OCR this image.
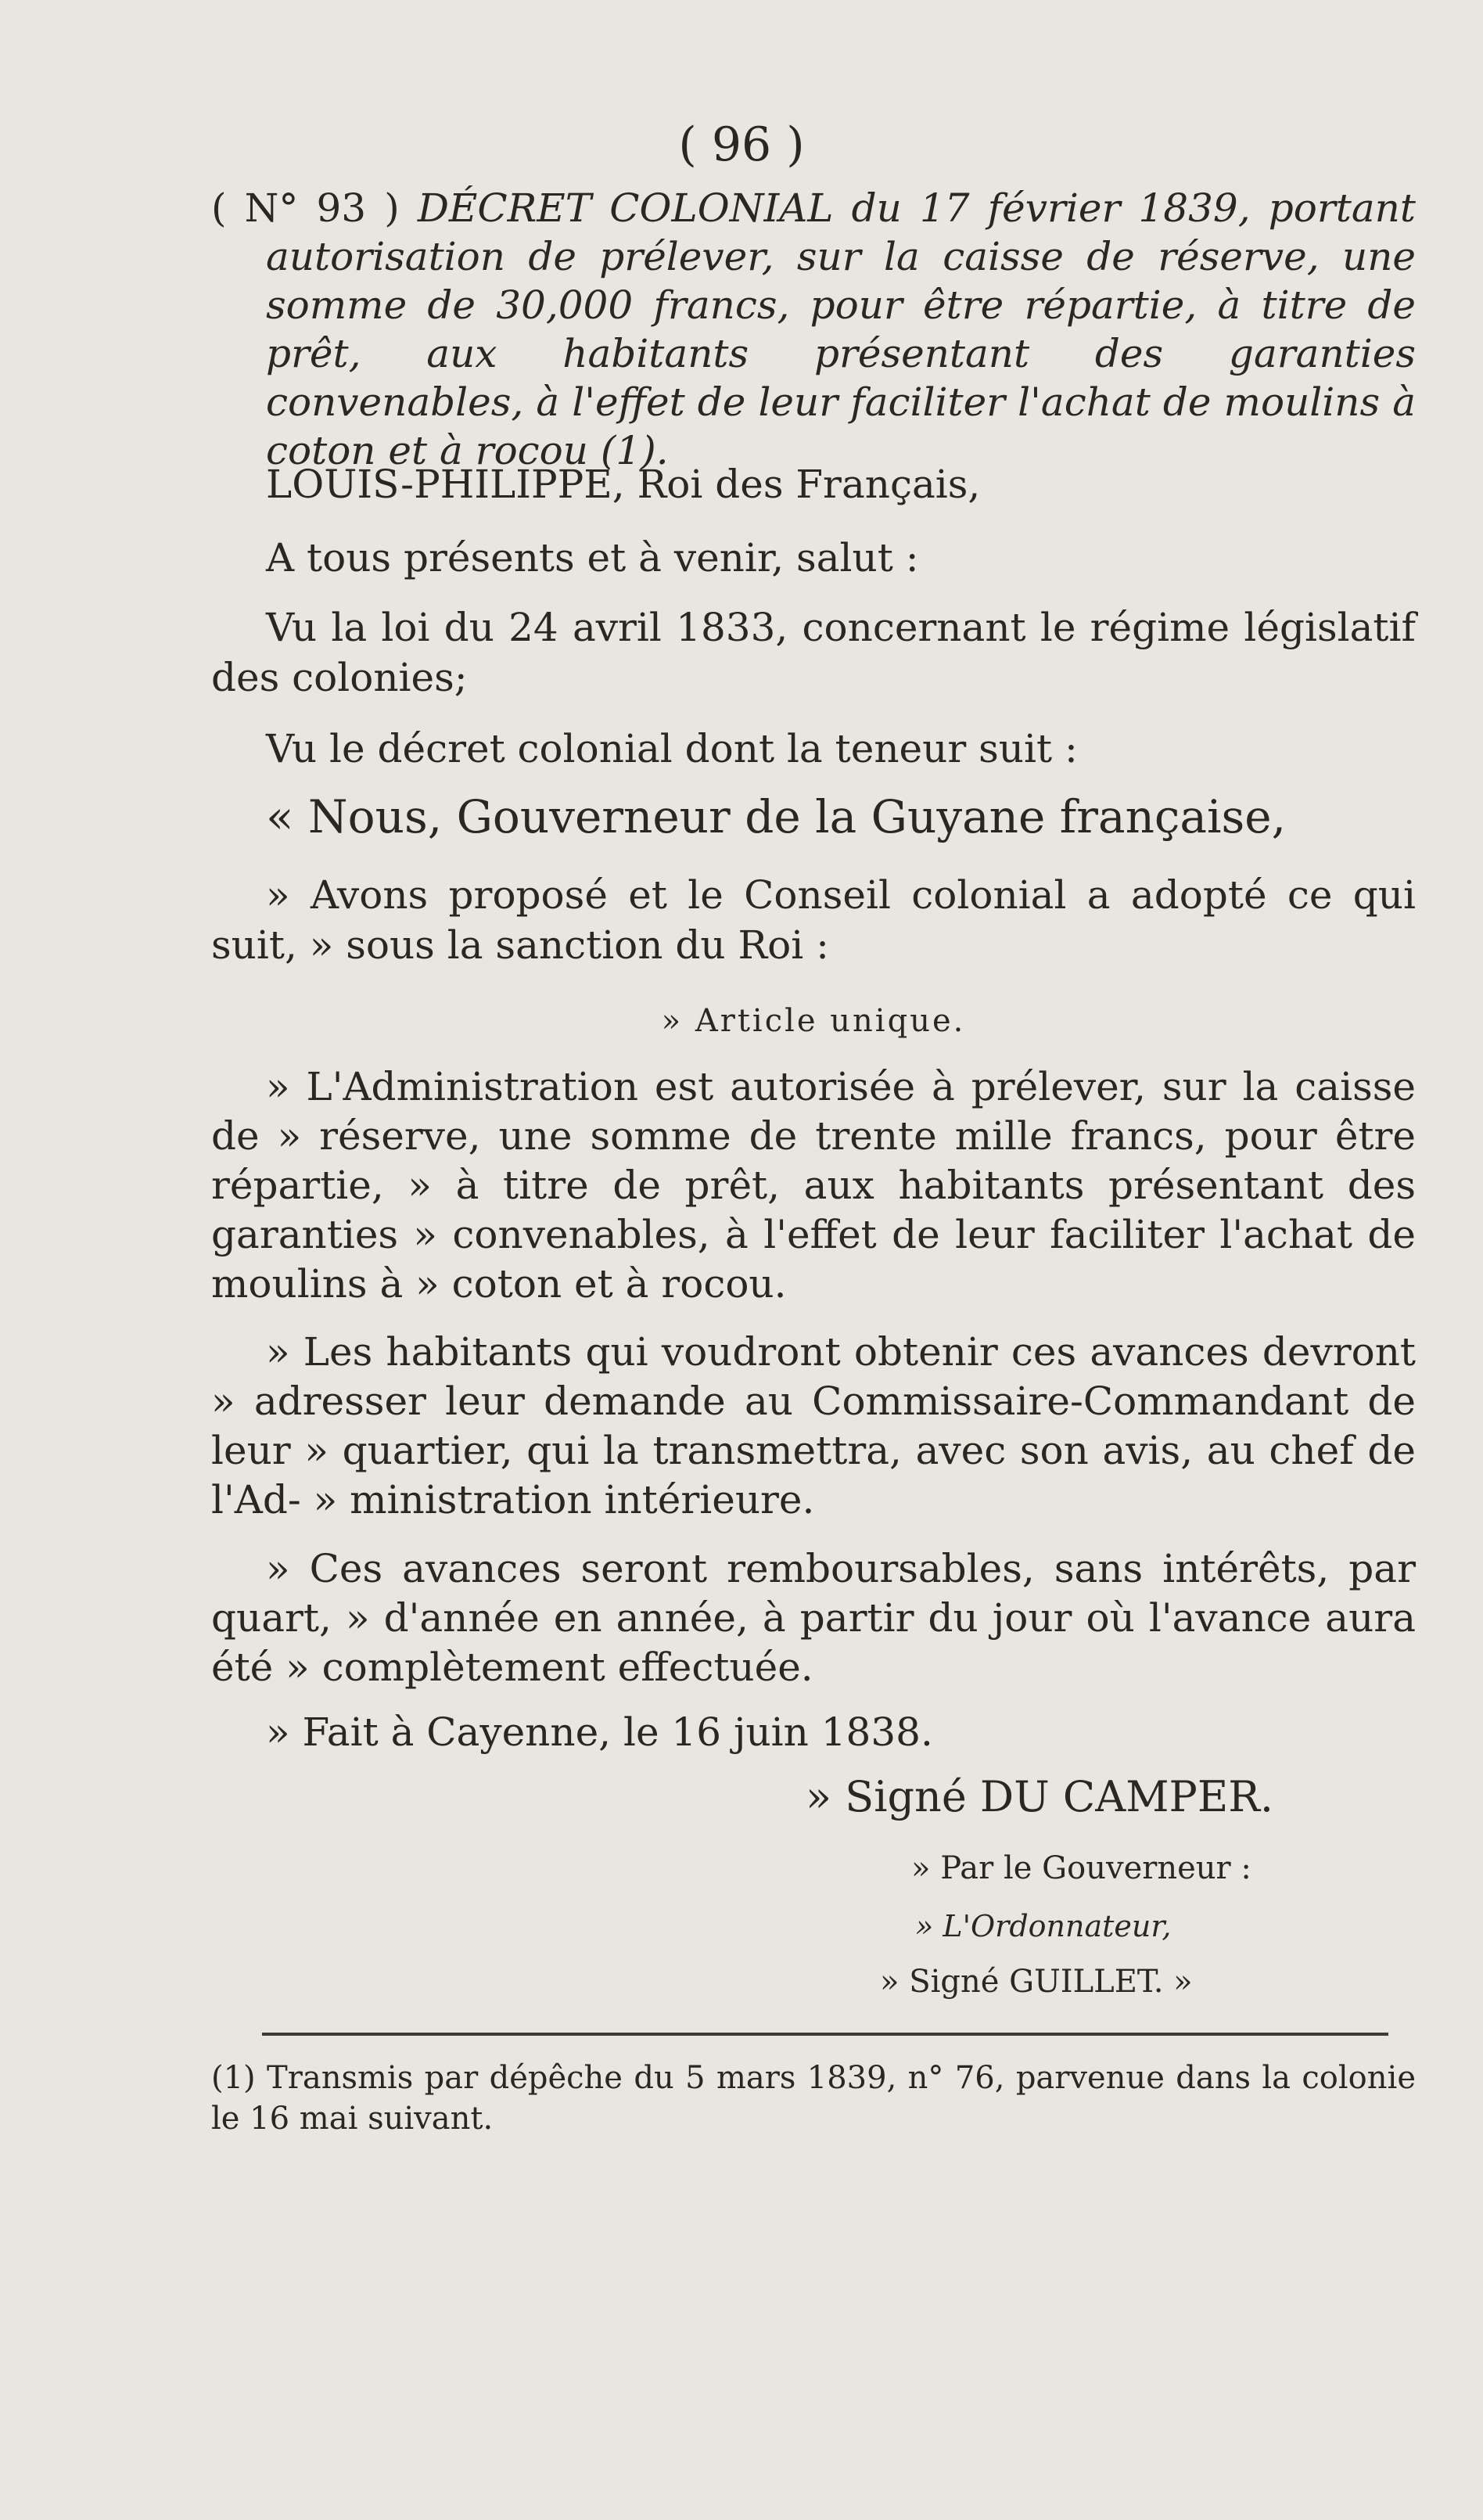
( 96 )
( N° 93 ) DÉCRET COLONIAL du 17 février 1839, portant autorisation de prélever, sur la caisse de réserve, une somme de 30,000 francs, pour être répartie, à titre de prêt, aux habitants présentant des garanties convenables, à l'effet de leur faciliter l'achat de moulins à coton et à rocou (1).
LOUIS-PHILIPPE, Roi des Français,
A tous présents et à venir, salut :
Vu la loi du 24 avril 1833, concernant le régime législatif des colonies;
Vu le décret colonial dont la teneur suit :
« Nous, Gouverneur de la Guyane française,
» Avons proposé et le Conseil colonial a adopté ce qui suit, » sous la sanction du Roi :
» Article unique.
» L'Administration est autorisée à prélever, sur la caisse de » réserve, une somme de trente mille francs, pour être répartie, » à titre de prêt, aux habitants présentant des garanties » convenables, à l'effet de leur faciliter l'achat de moulins à » coton et à rocou.
» Les habitants qui voudront obtenir ces avances devront » adresser leur demande au Commissaire-Commandant de leur » quartier, qui la transmettra, avec son avis, au chef de l'Ad- » ministration intérieure.
» Ces avances seront remboursables, sans intérêts, par quart, » d'année en année, à partir du jour où l'avance aura été » complètement effectuée.
» Fait à Cayenne, le 16 juin 1838.
» Signé DU CAMPER.
» Par le Gouverneur :
» L'Ordonnateur,
» Signé GUILLET. »
(1) Transmis par dépêche du 5 mars 1839, n° 76, parvenue dans la colonie le 16 mai suivant.
